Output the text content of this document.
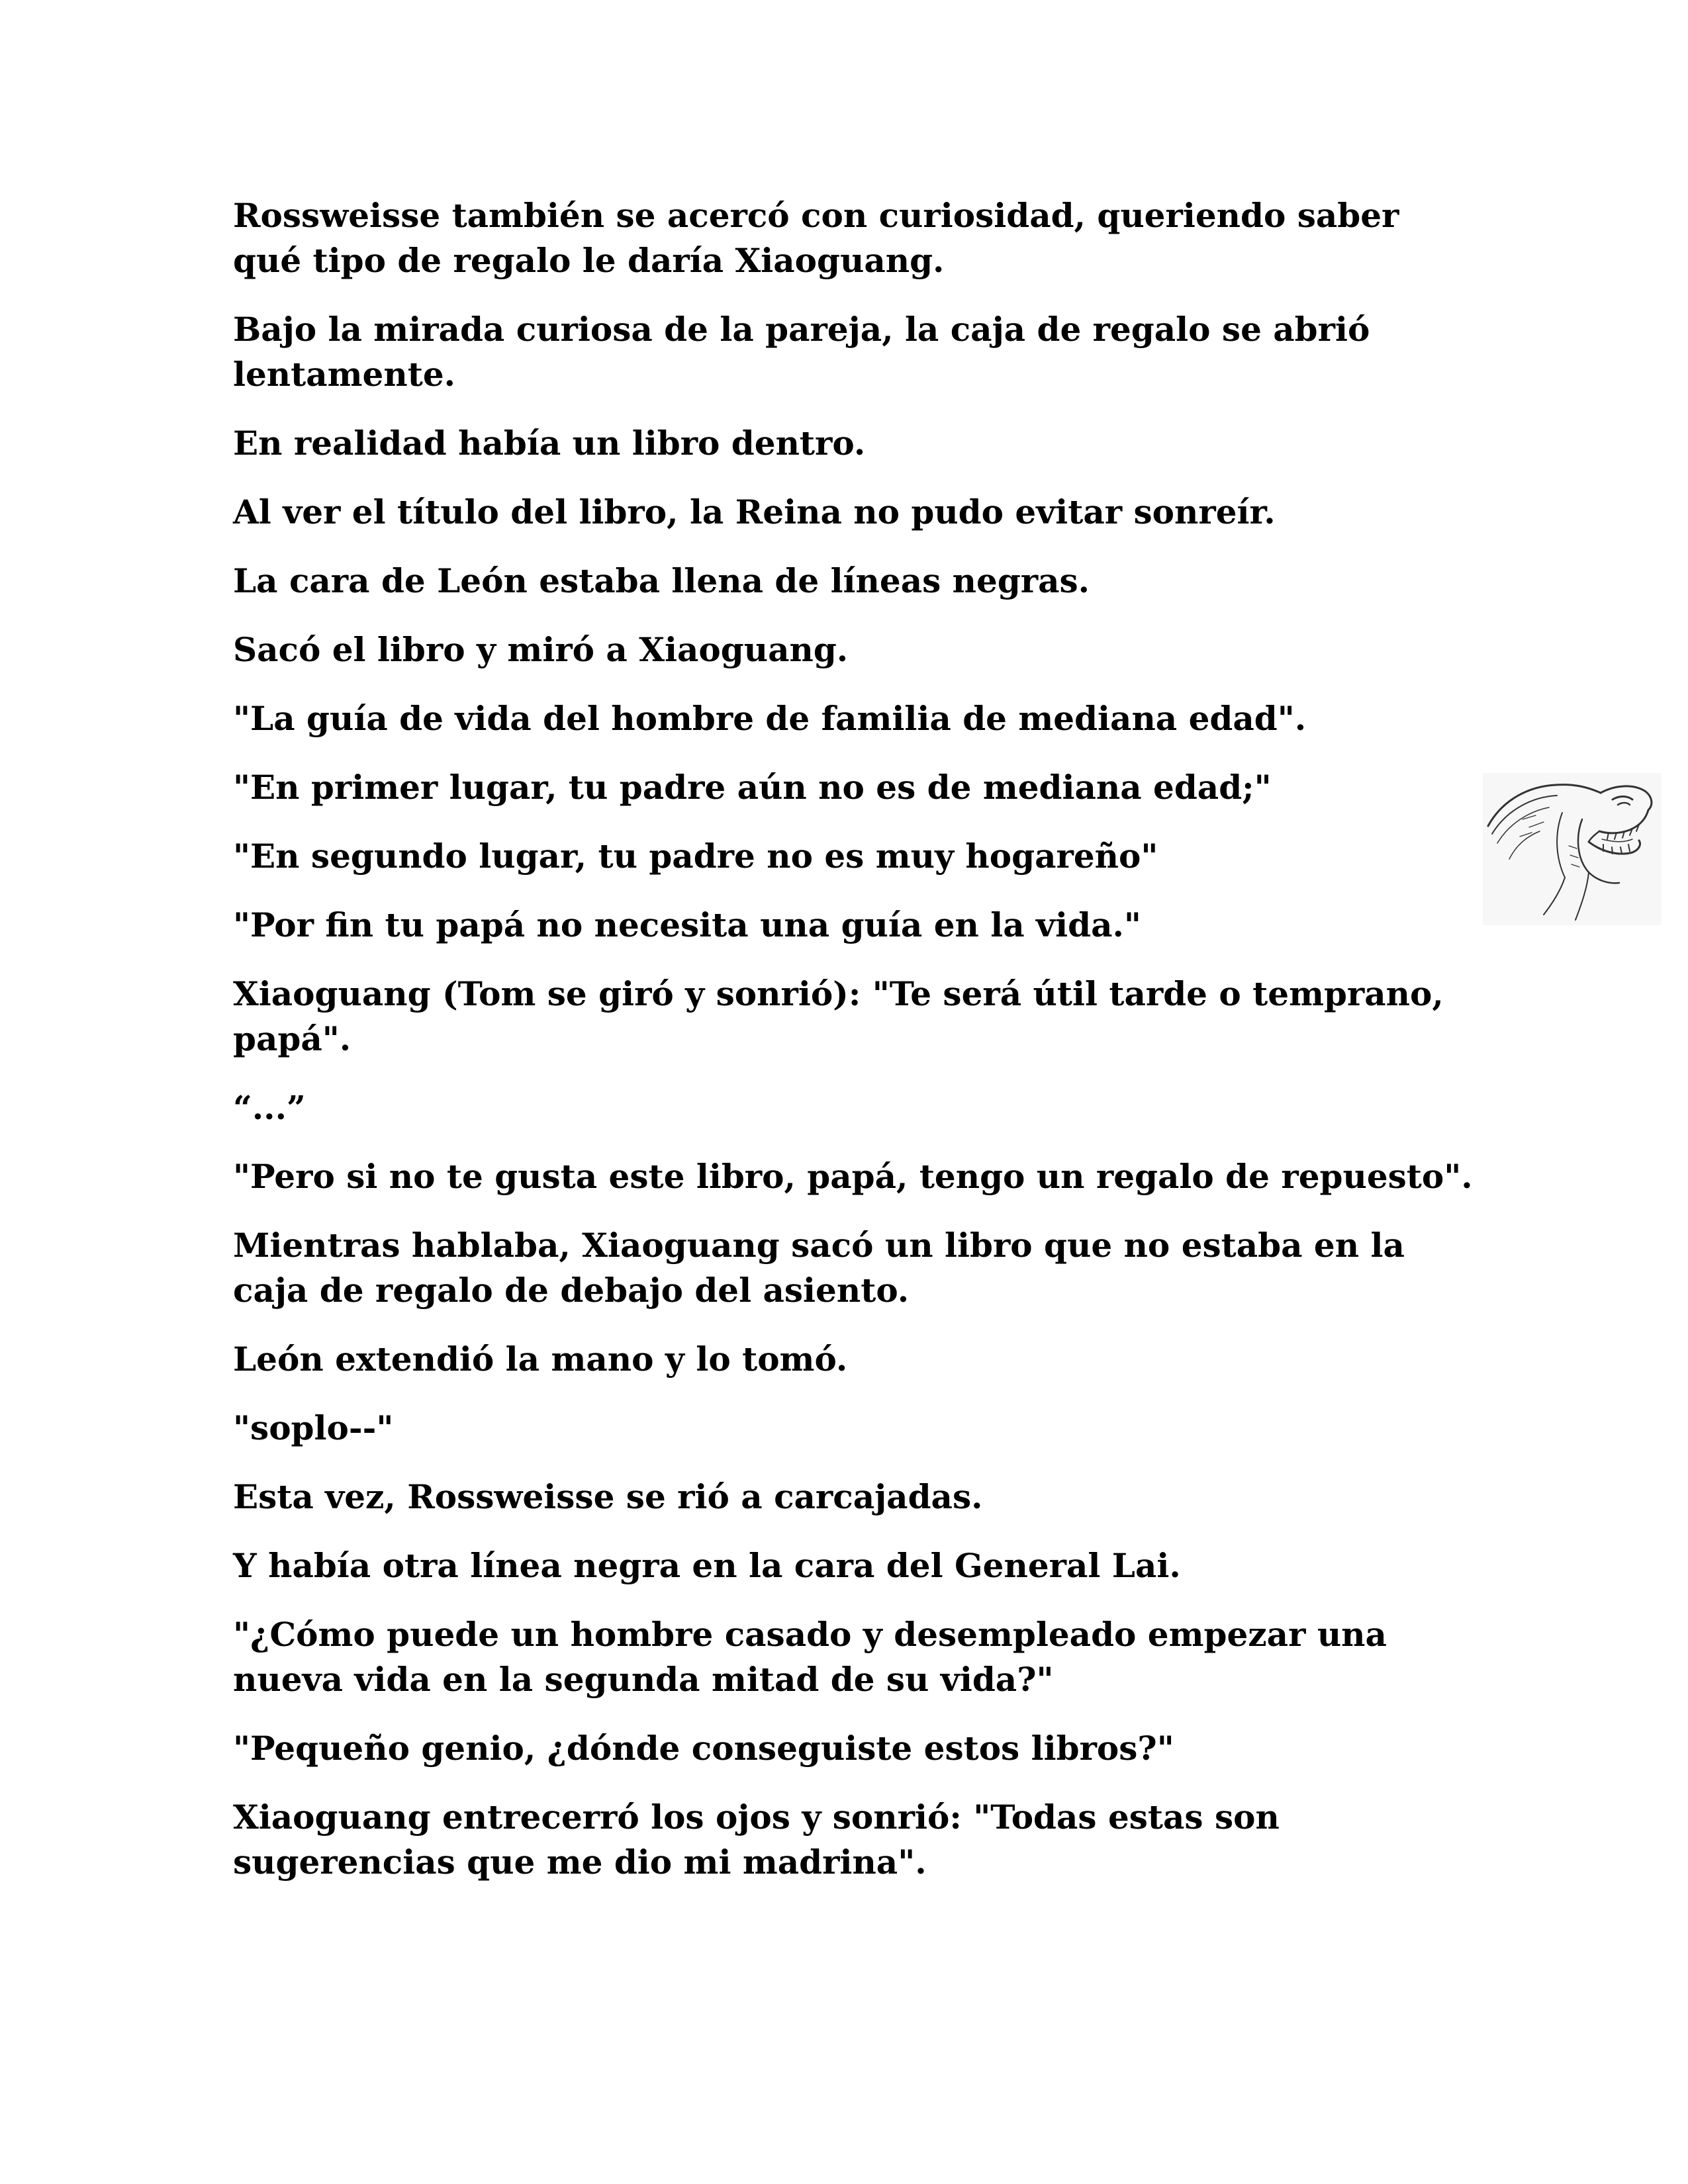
Rossweisse también se acercó con curiosidad, queriendo saber qué tipo de regalo le daría Xiaoguang.

Bajo la mirada curiosa de la pareja, la caja de regalo se abrió lentamente.

En realidad había un libro dentro.

Al ver el título del libro, la Reina no pudo evitar sonreír.

La cara de León estaba llena de líneas negras.

Sacó el libro y miró a Xiaoguang.

"La guía de vida del hombre de familia de mediana edad".

"En primer lugar, tu padre aún no es de mediana edad;"

"En segundo lugar, tu padre no es muy hogareño"

"Por fin tu papá no necesita una guía en la vida."

Xiaoguang (Tom se giró y sonrió): "Te será útil tarde o temprano, papá".

“...”

"Pero si no te gusta este libro, papá, tengo un regalo de repuesto".

Mientras hablaba, Xiaoguang sacó un libro que no estaba en la caja de regalo de debajo del asiento.

León extendió la mano y lo tomó.

"soplo--"

Esta vez, Rossweisse se rió a carcajadas.

Y había otra línea negra en la cara del General Lai.

"¿Cómo puede un hombre casado y desempleado empezar una nueva vida en la segunda mitad de su vida?"

"Pequeño genio, ¿dónde conseguiste estos libros?"

Xiaoguang entrecerró los ojos y sonrió: "Todas estas son sugerencias que me dio mi madrina".
